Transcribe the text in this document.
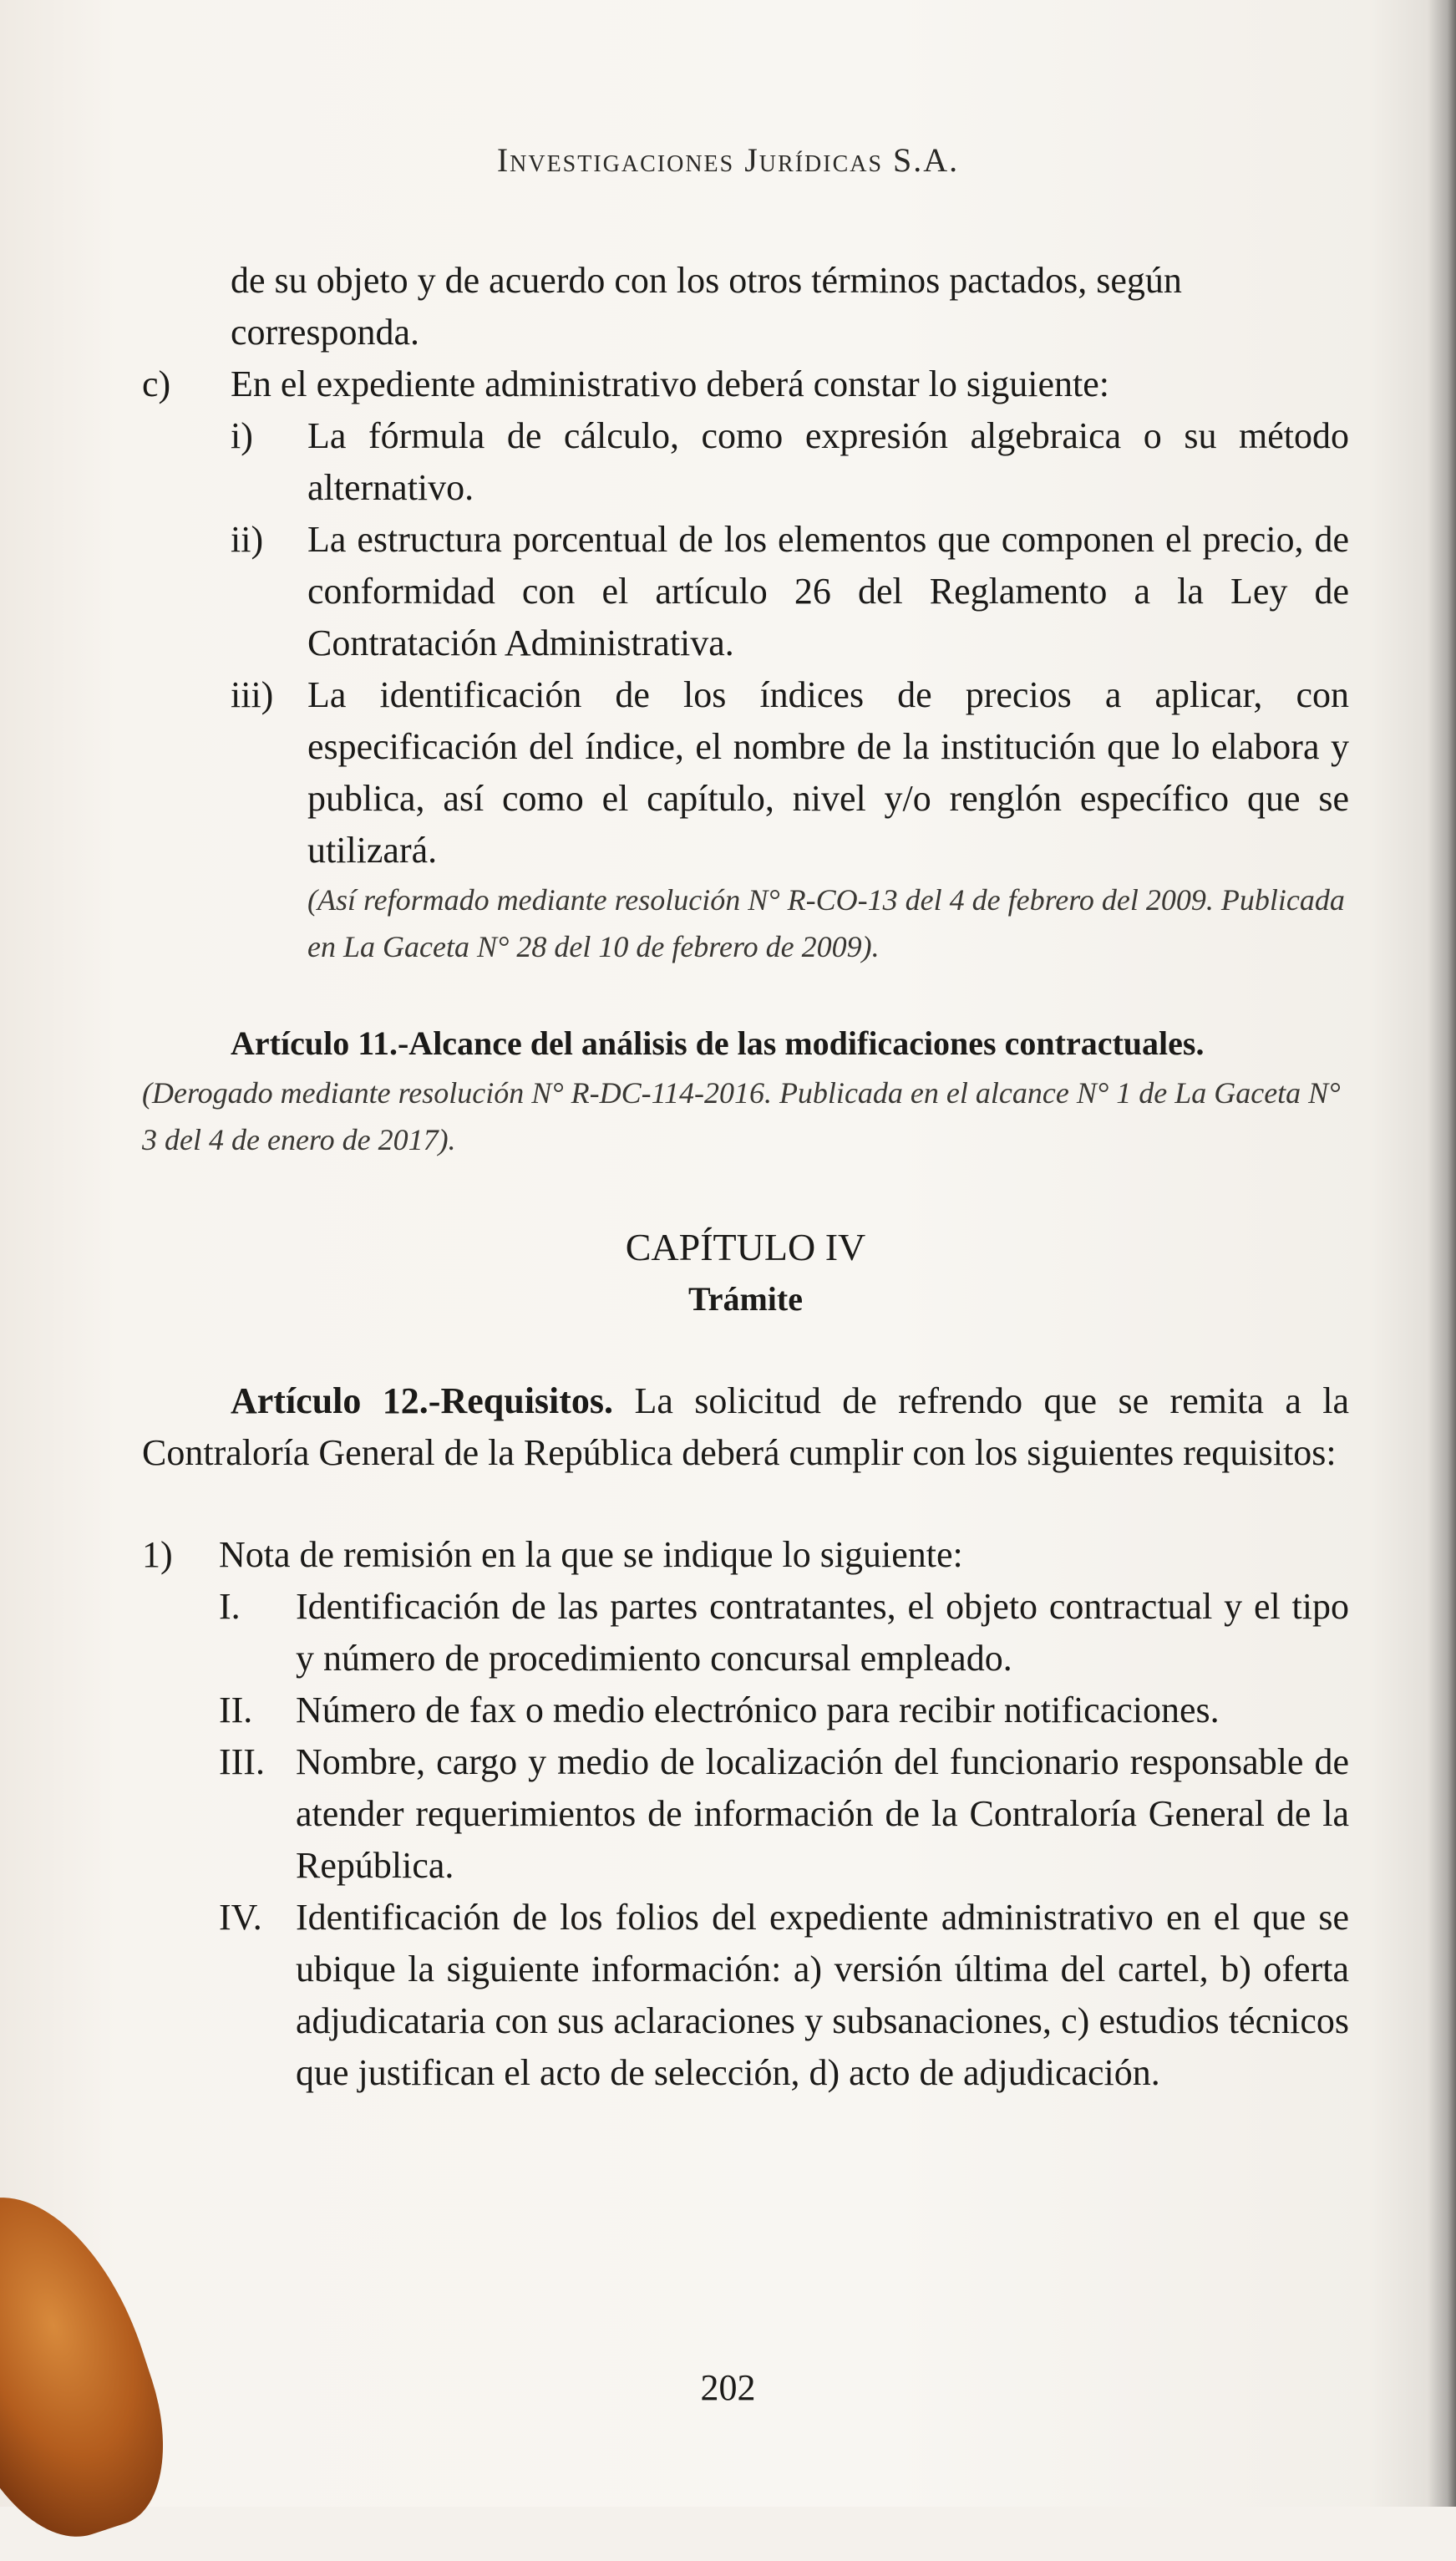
Investigaciones Jurídicas S.A.

de su objeto y de acuerdo con los otros términos pactados, según corresponda.

c)	En el expediente administrativo deberá constar lo siguiente:
i)	La fórmula de cálculo, como expresión algebraica o su método alternativo.
ii)	La estructura porcentual de los elementos que componen el precio, de conformidad con el artículo 26 del Reglamento a la Ley de Contratación Administrativa.
iii) La identificación de los índices de precios a aplicar, con especificación del índice, el nombre de la institución que lo elabora y publica, así como el capítulo, nivel y/o renglón específico que se utilizará.
(Así reformado mediante resolución N° R-CO-13 del 4 de febrero del 2009. Publicada en La Gaceta N° 28 del 10 de febrero de 2009).
Artículo 11.-Alcance del análisis de las modificaciones contractuales.
(Derogado mediante resolución N° R-DC-114-2016. Publicada en el alcance N° 1 de La Gaceta N° 3 del 4 de enero de 2017).
CAPÍTULO IV
Trámite
Artículo 12.-Requisitos. La solicitud de refrendo que se remita a la Contraloría General de la República deberá cumplir con los siguientes requisitos:
1)	Nota de remisión en la que se indique lo siguiente:
I.	Identificación de las partes contratantes, el objeto contractual y el tipo y número de procedimiento concursal empleado.
II.	Número de fax o medio electrónico para recibir notificaciones.
III. Nombre, cargo y medio de localización del funcionario responsable de atender requerimientos de información de la Contraloría General de la República.
IV. Identificación de los folios del expediente administrativo en el que se ubique la siguiente información: a) versión última del cartel, b) oferta adjudicataria con sus aclaraciones y subsanaciones, c) estudios técnicos que justifican el acto de selección, d) acto de adjudicación.
202
